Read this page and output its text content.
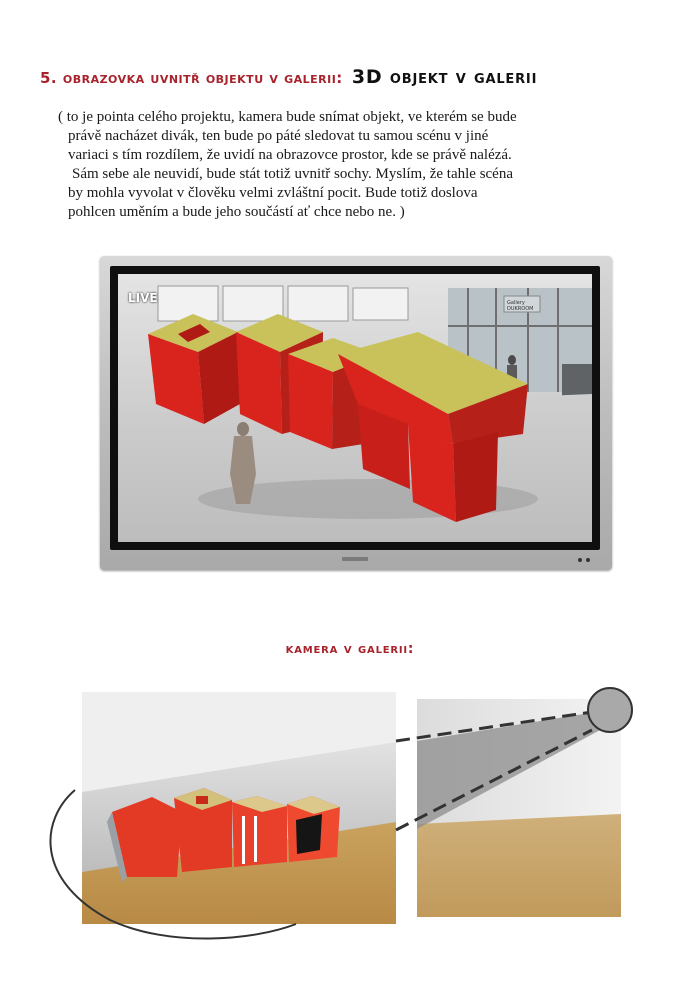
5. obrazovka uvnitř objektu v galerii: 3D objekt v galerii
( to je pointa celého projektu, kamera bude snímat objekt, ve kterém se bude
právě nacházet divák, ten bude po páté sledovat tu samou scénu v jiné
variaci s tím rozdílem, že uvidí na obrazovce prostor, kde se právě nalézá.
Sám sebe ale neuvidí, bude stát totiž uvnitř sochy. Myslím, že tahle scéna
by mohla vyvolat v člověku velmi zvláštní pocit. Bude totiž doslova
pohlcen uměním a bude jeho součástí ať chce nebo ne. )
Gallery
DUKROOM
LIVE
kamera v galerii:
